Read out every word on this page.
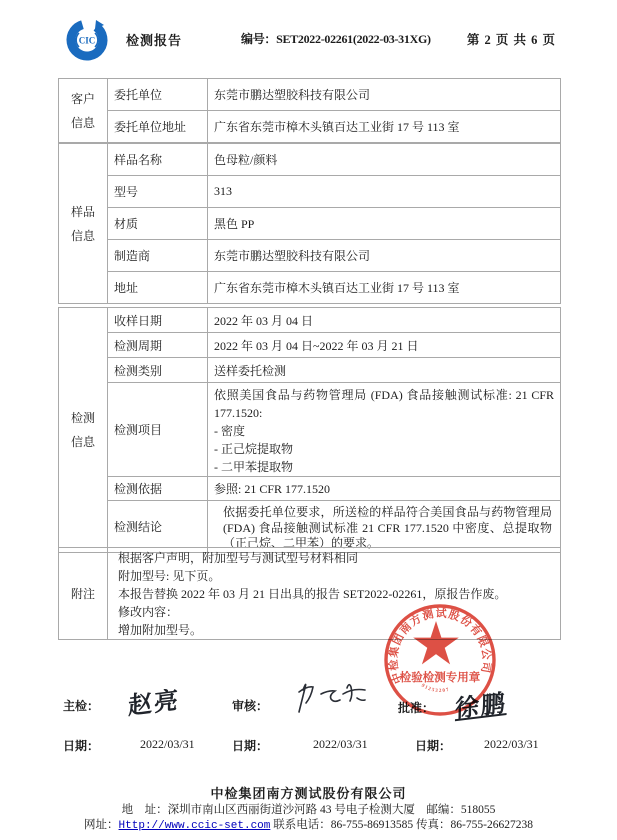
CIC 检测报告	编号：SET2022-02261(2022-03-31XG)	第 2 页 共 6 页
客户
信息	委托单位	东莞市鹏达塑胶科技有限公司
	委托单位地址	广东省东莞市樟木头镇百达工业街 17 号 113 室
样品
信息	样品名称	色母粒/颜料
	型号	313
	材质	黑色 PP
	制造商	东莞市鹏达塑胶科技有限公司
	地址	广东省东莞市樟木头镇百达工业街 17 号 113 室
检测
信息	收样日期	2022 年 03 月 04 日
	检测周期	2022 年 03 月 04 日~2022 年 03 月 21 日
	检测类别	送样委托检测
	检测项目	依照美国食品与药物管理局 (FDA) 食品接触测试标准: 21 CFR 177.1520:
- 密度
- 正己烷提取物
- 二甲苯提取物

	检测依据	参照: 21 CFR 177.1520
	检测结论	依据委托单位要求，所送检的样品符合美国食品与药物管理局 (FDA) 食品接触测试标准 21 CFR 177.1520 中密度、总提取物（正己烷、二甲苯）的要求。
附注	
根据客户声明，附加型号与测试型号材料相同
附加型号: 见下页。
本报告替换 2022 年 03 月 21 日出具的报告 SET2022-02261，原报告作废。
修改内容：
增加附加型号。
主检： 赵亮	审核：	批准： 徐鹏
日期：	2022/03/31	日期：	2022/03/31	日期：	2022/03/31
中检集团南方测试股份有限公司
检验检测专用章
9 1 2 5 3 2 0 7
中检集团南方测试股份有限公司
地　址：深圳市南山区西丽街道沙河路 43 号电子检测大厦　邮编：518055
网址：Http://www.ccic-set.com 联系电话：86-755-86913585 传真：86-755-26627238
